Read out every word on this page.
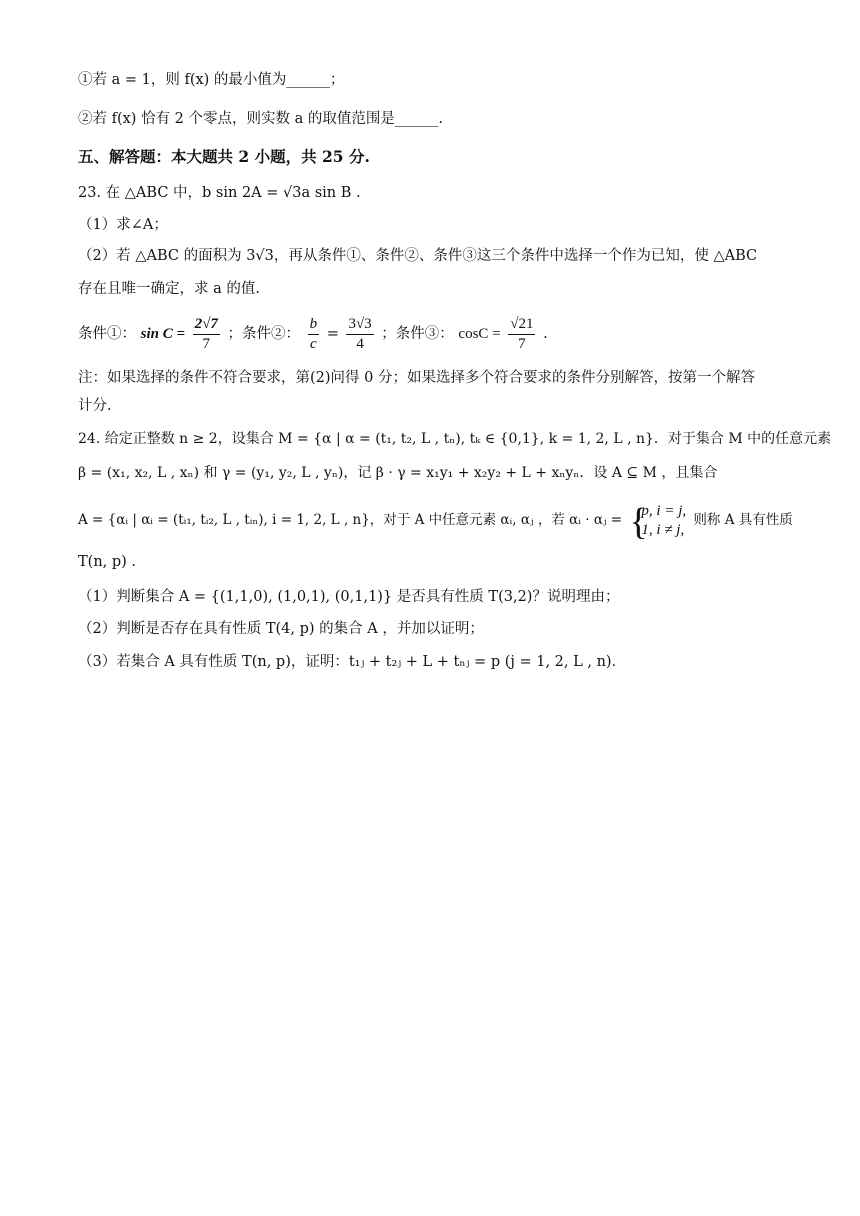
①若 a = 1，则 f(x) 的最小值为______；
②若 f(x) 恰有 2 个零点，则实数 a 的取值范围是______.
五、解答题：本大题共 2 小题，共 25 分.
23. 在 △ABC 中，b sin 2A = √3a sin B .
（1）求∠A；
（2）若 △ABC 的面积为 3√3，再从条件①、条件②、条件③这三个条件中选择一个作为已知，使 △ABC
存在且唯一确定，求 a 的值.
条件①： $\sin C = \frac{2√7}{7}$ ；条件②： $\frac{b}{c} = \frac{3√3}{4}$ ；条件③： $\cos C = \frac{√21}{7}$ .
注：如果选择的条件不符合要求，第(2)问得 0 分；如果选择多个符合要求的条件分别解答，按第一个解答
计分.
24. 给定正整数 n ≥ 2，设集合 M = {α | α = (t₁, t₂, L , tₙ), tₖ ∈ {0,1}, k = 1, 2, L , n}．对于集合 M 中的任意元素
β = (x₁, x₂, L , xₙ) 和 γ = (y₁, y₂, L , yₙ)，记 β · γ = x₁y₁ + x₂y₂ + L + xₙyₙ．设 A ⊆ M ，且集合
A = {αᵢ | αᵢ = (tᵢ₁, tᵢ₂, L , tᵢₙ), i = 1, 2, L , n}，对于 A 中任意元素 αᵢ, αⱼ ，若 αᵢ · αⱼ = {
p, i = j,
1, i ≠ j,
则称 A 具有性质
T(n, p) .
（1）判断集合 A = {(1,1,0), (1,0,1), (0,1,1)} 是否具有性质 T(3,2)？说明理由；
（2）判断是否存在具有性质 T(4, p) 的集合 A ，并加以证明；
（3）若集合 A 具有性质 T(n, p)，证明：t₁ⱼ + t₂ⱼ + L + tₙⱼ = p (j = 1, 2, L , n)．
